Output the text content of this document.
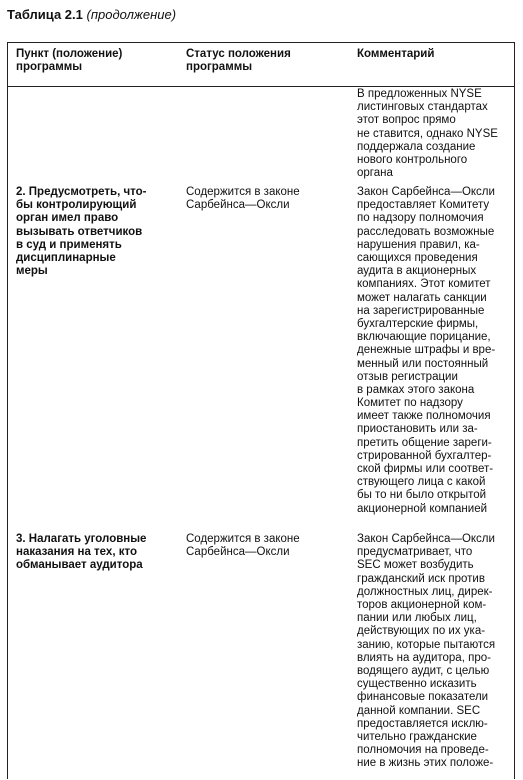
Таблица 2.1 (продолжение)
Пункт (положение)
программы
Статус положения
программы
Комментарий
В предложенных NYSE
листинговых стандартах
этот вопрос прямо
не ставится, однако NYSE
поддержала создание
нового контрольного
органа
2. Предусмотреть, что-
бы контролирующий
орган имел право
вызывать ответчиков
в суд и применять
дисциплинарные
меры
Содержится в законе
Сарбейнса—Оксли
Закон Сарбейнса—Оксли
предоставляет Комитету
по надзору полномочия
расследовать возможные
нарушения правил, ка-
сающихся проведения
аудита в акционерных
компаниях. Этот комитет
может налагать санкции
на зарегистрированные
бухгалтерские фирмы,
включающие порицание,
денежные штрафы и вре-
менный или постоянный
отзыв регистрации
в рамках этого закона
Комитет по надзору
имеет также полномочия
приостановить или за-
претить общение зареги-
стрированной бухгалтер-
ской фирмы или соответ-
ствующего лица с какой
бы то ни было открытой
акционерной компанией
3. Налагать уголовные
наказания на тех, кто
обманывает аудитора
Содержится в законе
Сарбейнса—Оксли
Закон Сарбейнса—Оксли
предусматривает, что
SEC может возбудить
гражданский иск против
должностных лиц, дирек-
торов акционерной ком-
пании или любых лиц,
действующих по их ука-
занию, которые пытаются
влиять на аудитора, про-
водящего аудит, с целью
существенно исказить
финансовые показатели
данной компании. SEC
предоставляется исклю-
чительно гражданские
полномочия на проведе-
ние в жизнь этих положе-
